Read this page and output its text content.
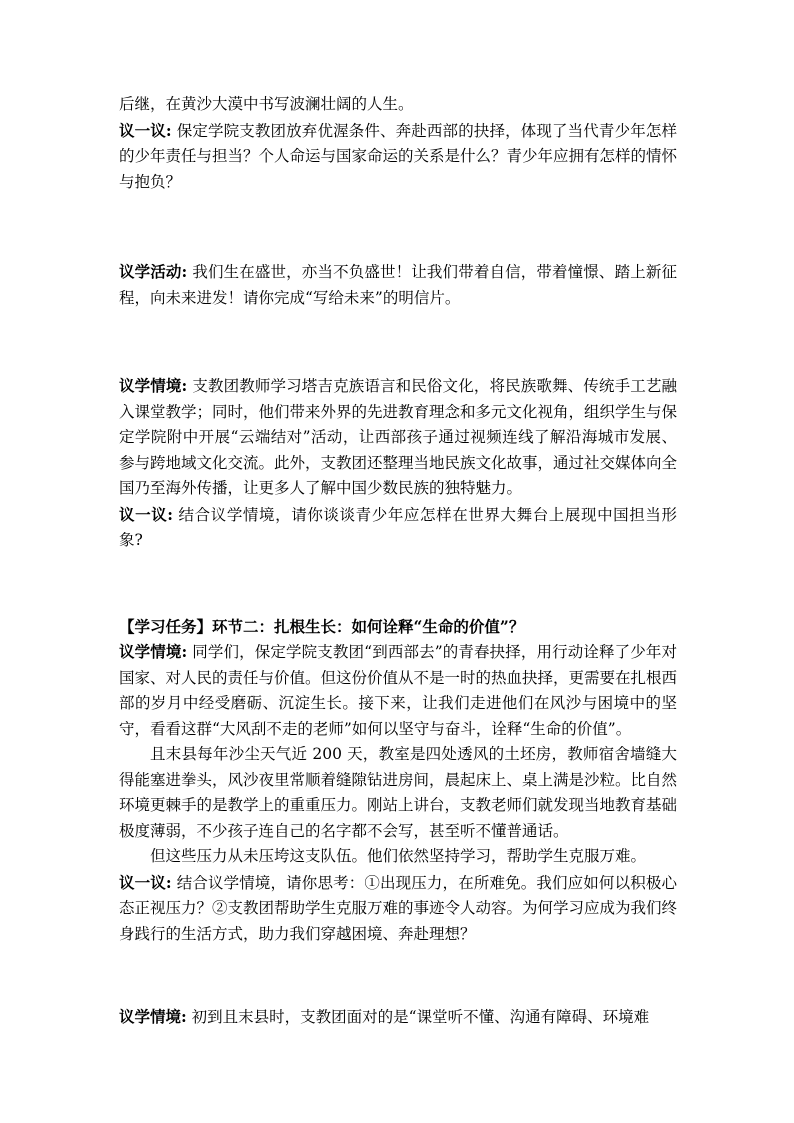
后继，在黄沙大漠中书写波澜壮阔的人生。

议一议: 保定学院支教团放弃优渥条件、奔赴西部的抉择，体现了当代青少年怎样的少年责任与担当？个人命运与国家命运的关系是什么？青少年应拥有怎样的情怀与抱负？

议学活动: 我们生在盛世，亦当不负盛世！让我们带着自信，带着憧憬、踏上新征程，向未来进发！请你完成“写给未来”的明信片。

议学情境: 支教团教师学习塔吉克族语言和民俗文化，将民族歌舞、传统手工艺融入课堂教学；同时，他们带来外界的先进教育理念和多元文化视角，组织学生与保定学院附中开展“云端结对”活动，让西部孩子通过视频连线了解沿海城市发展、参与跨地域文化交流。此外，支教团还整理当地民族文化故事，通过社交媒体向全国乃至海外传播，让更多人了解中国少数民族的独特魅力。

议一议: 结合议学情境，请你谈谈青少年应怎样在世界大舞台上展现中国担当形象?

【学习任务】环节二：扎根生长：如何诠释“生命的价值”？

议学情境: 同学们，保定学院支教团“到西部去”的青春抉择，用行动诠释了少年对国家、对人民的责任与价值。但这份价值从不是一时的热血抉择，更需要在扎根西部的岁月中经受磨砺、沉淀生长。接下来，让我们走进他们在风沙与困境中的坚守，看看这群“大风刮不走的老师”如何以坚守与奋斗，诠释“生命的价值”。

且末县每年沙尘天气近 200 天，教室是四处透风的土坯房，教师宿舍墙缝大得能塞进拳头，风沙夜里常顺着缝隙钻进房间，晨起床上、桌上满是沙粒。比自然环境更棘手的是教学上的重重压力。刚站上讲台，支教老师们就发现当地教育基础极度薄弱，不少孩子连自己的名字都不会写，甚至听不懂普通话。

但这些压力从未压垮这支队伍。他们依然坚持学习，帮助学生克服万难。

议一议: 结合议学情境，请你思考：①出现压力，在所难免。我们应如何以积极心态正视压力？②支教团帮助学生克服万难的事迹令人动容。为何学习应成为我们终身践行的生活方式，助力我们穿越困境、奔赴理想？

议学情境: 初到且末县时，支教团面对的是“课堂听不懂、沟通有障碍、环境难
